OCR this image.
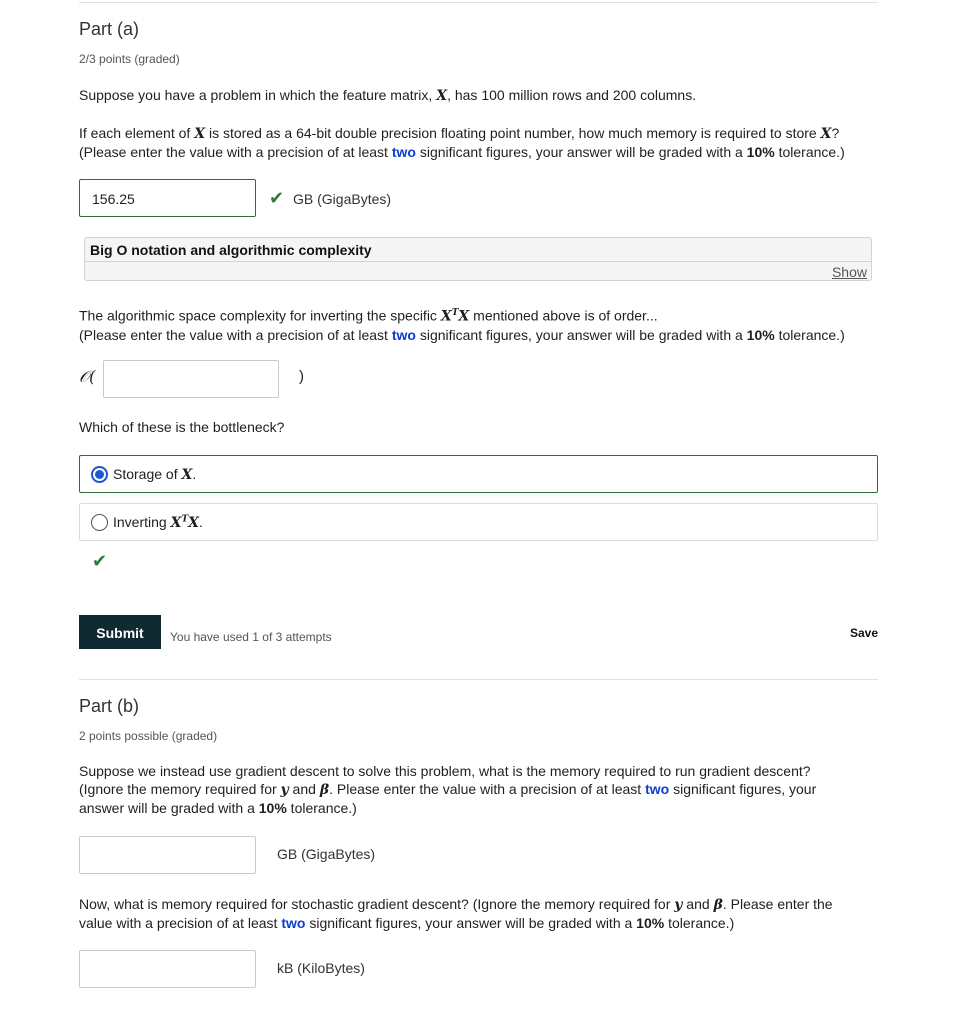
Part (a)
2/3 points (graded)
Suppose you have a problem in which the feature matrix, X, has 100 million rows and 200 columns.
If each element of X is stored as a 64-bit double precision floating point number, how much memory is required to store X?
(Please enter the value with a precision of at least two significant figures, your answer will be graded with a 10% tolerance.)
156.25	✔ GB (GigaBytes)
Big O notation and algorithmic complexity
Show
The algorithmic space complexity for inverting the specific $X^TX$ mentioned above is of order...
(Please enter the value with a precision of at least two significant figures, your answer will be graded with a 10% tolerance.)
𝒪(	)
Which of these is the bottleneck?
Storage of X.
Inverting $X^TX$.
✔
Submit	You have used 1 of 3 attempts	Save
Part (b)
2 points possible (graded)
Suppose we instead use gradient descent to solve this problem, what is the memory required to run gradient descent?
(Ignore the memory required for y and β. Please enter the value with a precision of at least two significant figures, your
answer will be graded with a 10% tolerance.)
GB (GigaBytes)
Now, what is memory required for stochastic gradient descent? (Ignore the memory required for y and β. Please enter the
value with a precision of at least two significant figures, your answer will be graded with a 10% tolerance.)
kB (KiloBytes)
